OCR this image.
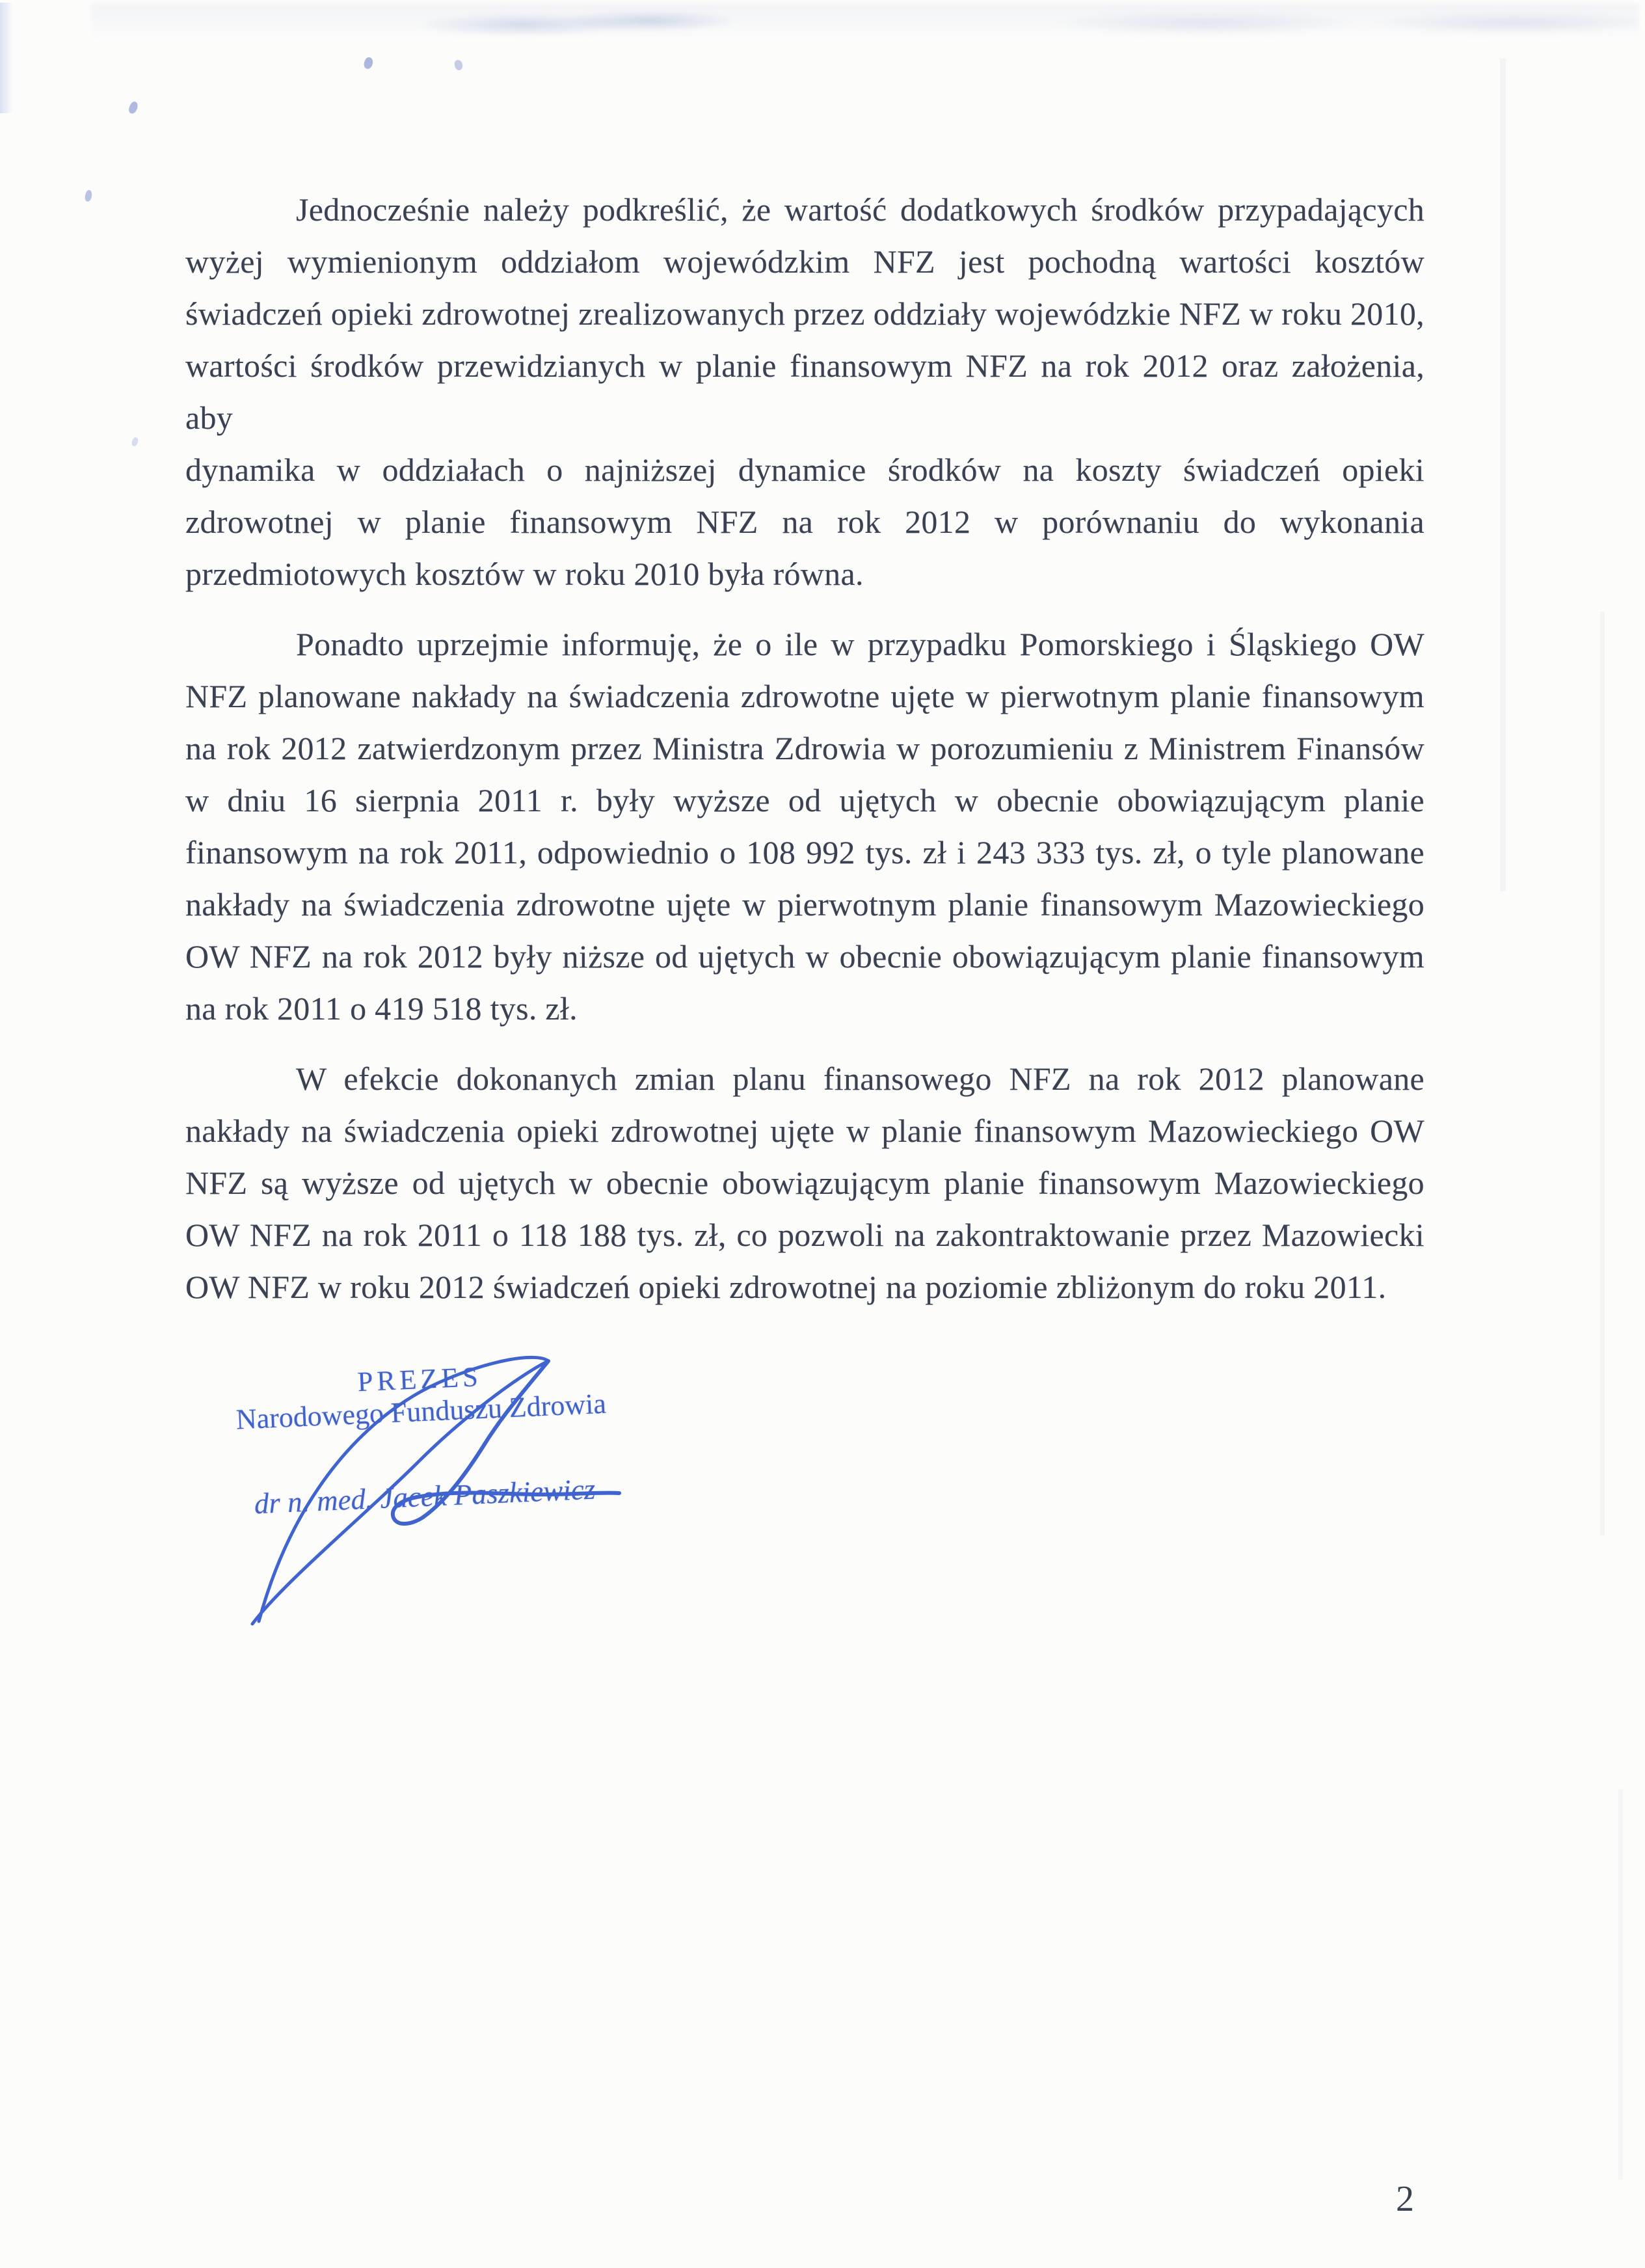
Jednocześnie należy podkreślić, że wartość dodatkowych środków przypadających
wyżej wymienionym oddziałom wojewódzkim NFZ jest pochodną wartości kosztów
świadczeń opieki zdrowotnej zrealizowanych przez oddziały wojewódzkie NFZ w roku 2010,
wartości środków przewidzianych w planie finansowym NFZ na rok 2012 oraz założenia, aby
dynamika w oddziałach o najniższej dynamice środków na koszty świadczeń opieki
zdrowotnej w planie finansowym NFZ na rok 2012 w porównaniu do wykonania
przedmiotowych kosztów w roku 2010 była równa.
Ponadto uprzejmie informuję, że o ile w przypadku Pomorskiego i Śląskiego OW
NFZ planowane nakłady na świadczenia zdrowotne ujęte w pierwotnym planie finansowym
na rok 2012 zatwierdzonym przez Ministra Zdrowia w porozumieniu z Ministrem Finansów
w dniu 16 sierpnia 2011 r. były wyższe od ujętych w obecnie obowiązującym planie
finansowym na rok 2011, odpowiednio o 108 992 tys. zł i 243 333 tys. zł, o tyle planowane
nakłady na świadczenia zdrowotne ujęte w pierwotnym planie finansowym Mazowieckiego
OW NFZ na rok 2012 były niższe od ujętych w obecnie obowiązującym planie finansowym
na rok 2011 o 419 518 tys. zł.
W efekcie dokonanych zmian planu finansowego NFZ na rok 2012 planowane
nakłady na świadczenia opieki zdrowotnej ujęte w planie finansowym Mazowieckiego OW
NFZ są wyższe od ujętych w obecnie obowiązującym planie finansowym Mazowieckiego
OW NFZ na rok 2011 o 118 188 tys. zł, co pozwoli na zakontraktowanie przez Mazowiecki
OW NFZ w roku 2012 świadczeń opieki zdrowotnej na poziomie zbliżonym do roku 2011.
PREZES
Narodowego Funduszu Zdrowia
dr n. med. Jacek Paszkiewicz
2
